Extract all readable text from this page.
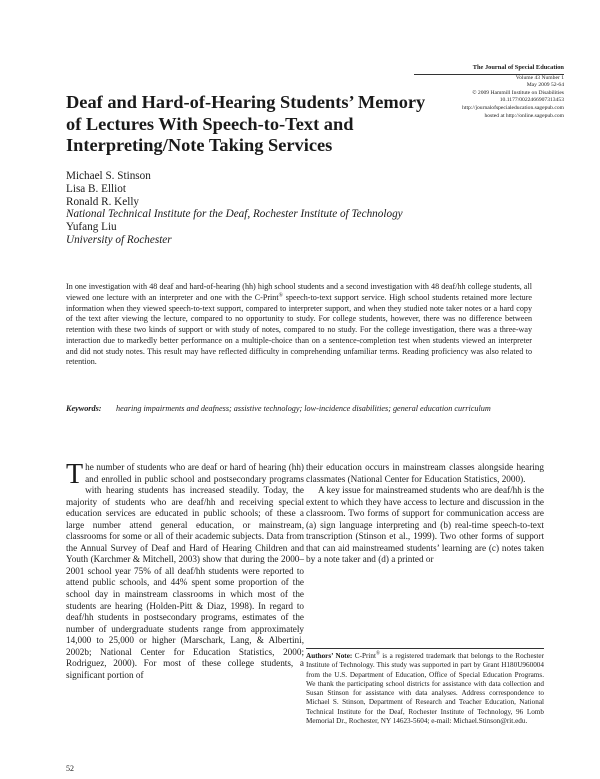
The Journal of Special Education
Volume 43 Number 1
May 2009 52-64
© 2009 Hammill Institute on Disabilities
10.1177/0022466907313453
http://journalofspecialeducation.sagepub.com
hosted at http://online.sagepub.com
Deaf and Hard-of-Hearing Students’ Memory of Lectures With Speech-to-Text and Interpreting/Note Taking Services

Michael S. Stinson

Lisa B. Elliot

Ronald R. Kelly

National Technical Institute for the Deaf, Rochester Institute of Technology

Yufang Liu

University of Rochester

In one investigation with 48 deaf and hard-of-hearing (hh) high school students and a second investigation with 48 deaf/hh college students, all viewed one lecture with an interpreter and one with the C-Print® speech-to-text support service. High school students retained more lecture information when they viewed speech-to-text support, compared to interpreter support, and when they studied note taker notes or a hard copy of the text after viewing the lecture, compared to no opportunity to study. For college students, however, there was no difference between retention with these two kinds of support or with study of notes, compared to no study. For the college investigation, there was a three-way interaction due to markedly better performance on a multiple-choice than on a sentence-completion test when students viewed an interpreter and did not study notes. This result may have reflected difficulty in comprehending unfamiliar terms. Reading proficiency was also related to retention.

Keywords: hearing impairments and deafness; assistive technology; low-incidence disabilities; general education curriculum

The number of students who are deaf or hard of hearing (hh) and enrolled in public school and postsecondary programs with hearing students has increased steadily. Today, the majority of students who are deaf/hh and receiving special education services are educated in public schools; of these a large number attend general education, or mainstream, classrooms for some or all of their academic subjects. Data from the Annual Survey of Deaf and Hard of Hearing Children and Youth (Karchmer & Mitchell, 2003) show that during the 2000–2001 school year 75% of all deaf/hh students were reported to attend public schools, and 44% spent some proportion of the school day in mainstream classrooms in which most of the students are hearing (Holden-Pitt & Diaz, 1998). In regard to deaf/hh students in postsecondary programs, estimates of the number of undergraduate students range from approximately 14,000 to 25,000 or higher (Marschark, Lang, & Albertini, 2002b; National Center for Education Statistics, 2000; Rodriguez, 2000). For most of these college students, a significant portion of

their education occurs in mainstream classes alongside hearing classmates (National Center for Education Statistics, 2000).

A key issue for mainstreamed students who are deaf/hh is the extent to which they have access to lecture and discussion in the classroom. Two forms of support for communication access are (a) sign language interpreting and (b) real-time speech-to-text transcription (Stinson et al., 1999). Two other forms of support that can aid mainstreamed students’ learning are (c) notes taken by a note taker and (d) a printed or

Authors’ Note: C-Print® is a registered trademark that belongs to the Rochester Institute of Technology. This study was supported in part by Grant H180U960004 from the U.S. Department of Education, Office of Special Education Programs. We thank the participating school districts for assistance with data collection and Susan Stinson for assistance with data analyses. Address correspondence to Michael S. Stinson, Department of Research and Teacher Education, National Technical Institute for the Deaf, Rochester Institute of Technology, 96 Lomb Memorial Dr., Rochester, NY 14623-5604; e-mail: Michael.Stinson@rit.edu.

52
